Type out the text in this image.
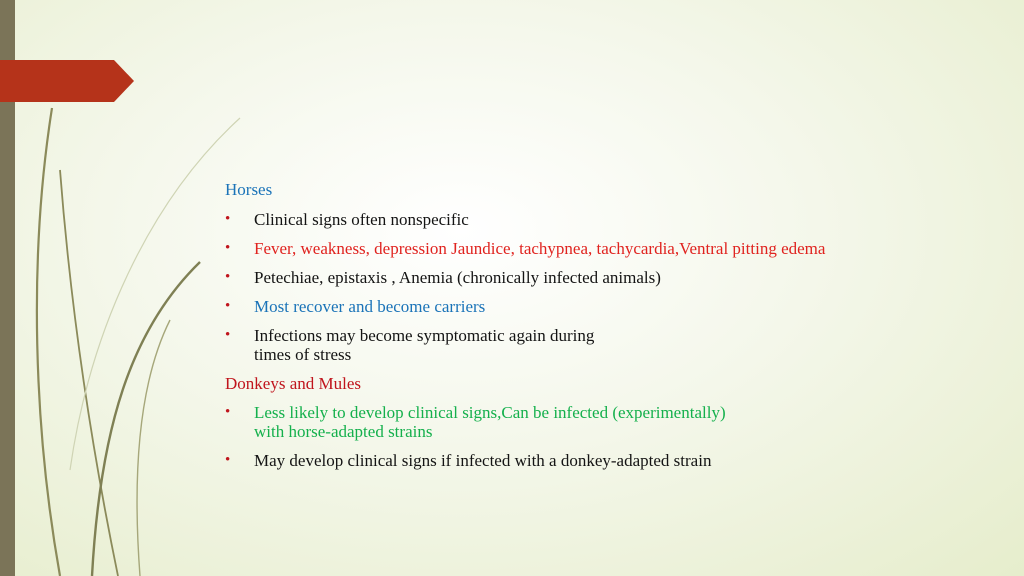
Horses
• Clinical signs often nonspecific
• Fever, weakness, depression Jaundice, tachypnea, tachycardia,Ventral pitting edema
• Petechiae, epistaxis , Anemia (chronically infected animals)
• Most recover and become carriers
• Infections may become symptomatic again during
times of stress
Donkeys and Mules
• Less likely to develop clinical signs,Can be infected (experimentally)
with horse-adapted strains
• May develop clinical signs if infected with a donkey-adapted strain
